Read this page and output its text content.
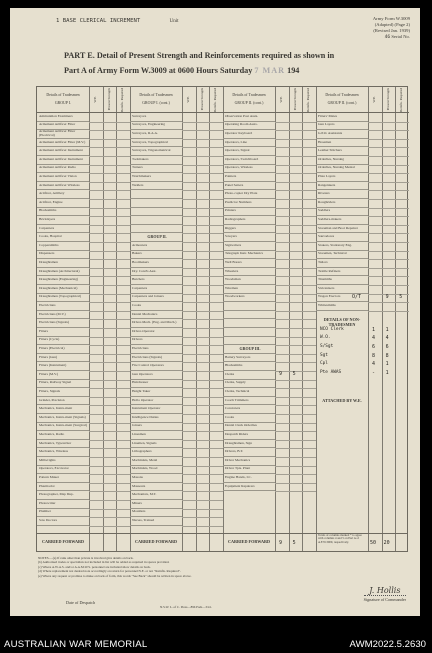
1 BASE CLERICAL INCREMENT	Unit
Army Form W.3009
(Adapted) (Page 2)
(Revised Jan. 1939)
46 Serial No.
PART E. Detail of Present Strength and Reinforcements required as shown in
Part A of Army Form W.3009 at 0600 Hours Saturday 7 MAR 194
Details of Tradesmen
GROUP I.
W.E.	Present Strength	Reinfts. Required
Ammunition Examiners
Armament Artificer Fitter
Armament Artificer Fitter (Electrical)
Armament Artificer Fitter (M.V.)
Armament Artificer Instrument
Armament Artificer Instrument
Armament Artificer Radio
Armament Artificer Vision
Armament Artificer Wireless
Artificer, Artillery
Artificer, Engine
Blacksmiths
Bricklayers
Carpenters
Cooks, Hospital
Coppersmiths
Dispensers
Draughtsmen
Draughtsmen (Architectural)
Draughtsmen (Engineering)
Draughtsmen (Mechanical)
Draughtsmen (Topographical)
Electricians
Electricians (M.V.)
Electricians (Signals)
Fitters
Fitters (Cycle)
Fitters (Electrical)
Fitters (Gun)
Fitters (Instrument)
Fitters (M.V.)
Fitters, Railway Signal
Fitters, Signals
Grinder, Precision
Mechanics, Instru-ment
Mechanics, Instru-ment (Signals)
Mechanics, Instru-ment (Surgical)
Mechanics, Radio
Mechanics, Typewriter
Mechanics, Wireless
Millwrights
Operators, Excavator
Pattern Maker
Pharmacist
Photographer, Map Dup.
Photowriter
Plumber
Saw Doctors
Details of Tradesmen
GROUP I. (cont.)
W.E.	Present Strength	Reinfts. Required
Surveyors
Surveyors, Engineering
Surveyors, R.A.A.
Surveyors, Topographical
Surveyors, Trigonometrical
Toolmakers
Turners
Watchmakers
Welders
GROUP II.
Armourers
Bakers
Bootmakers
Dry. Cond's Asst.
Butchers
Carpenters
Carpenters and Joiners
Cooks
Dental Mechanics
Driver-Mech. (Eng. and Mach.)
Driver-Operator
Drivers
Electricians
Electricians (Signals)
Fire Control Operators
Gun Operators
Hairdresser
Height Taker
Hollo Operator
Instrument Operator
Intelligence Duties
Joiners
Linesmen
Linemen, Signals
Lithographers
Machinists, Metal
Machinists, Wood
Masons
Masseurs
Mechanists, M.T.
Miners
Moulders
Nurses, Trained
Details of Tradesmen
GROUP II. (cont.)
W.E.	Present Strength	Reinfts. Required
Observation Post Assts.
Operating Room Assts.
Operator Keyboard
Operators, Line
Operators, Signal
Operators, Switchboard
Operators, Wireless
Painters
Panel Setters
Photo-copier Dry Plate
Predictor Numbers
Printers
Radiographers
Riggers
Sawyers
Signwriters
Telegraph Instr. Mechanics
Well Borers
Wheelers
Woodsman
Wiremen
Woodworkers
GROUP III.
Battery Surveyors
Blacksmiths
Clerks
Clerks, Supply
Clerks, Technical
Coach Trimmers
Concreters
Cooks
Dental Clerk Orderlies
Despatch Riders
Draughtsmen, Sign
Drivers, B.T.
Driver Mechanics
Driver Tpts. Plant
Engine Hands, I.C.
Equipment Repairers
Details of Tradesmen
GROUP II. (cont.)
W.E.	Present Strength	Reinfts. Required
Fitters' Mates
Gun Layers
G.P.O. Assistants
Hosemen
Leather Stitchers
Orderlies, Nursing
Orderlies, Nursing Mental
Plate Layers
Rangetakers
Riveters
Roughriders
Saddlers
Saddlers-makers
Storeman and Boot Repairer
Sauvadores
Stokers, Stationary Eng.
Storemen, Technical
Tailors
Textile Refiners
Tinsmiths
Vulcanisers
Wagon Erectors
Whitesmiths
DETAILS OF NON-TRADESMEN
NCO Clerk	1 1
W.O.	4 4
S/Sgt	6 6
Sgt	8 8
Cpl	4 1
Pte AWAS	- 1
ATTACHED BY W.E.
O/T	9 5
9 5
CARRIED FORWARD	CARRIED FORWARD	CARRIED FORWARD	9 5
Totals of columns marked * to agree with columns 4 and 5 on Part A of A.F.W.3009, respectively.	50 20
NOTES.—(a) If rank other than private is involved give details on back.
(b) Authorised trades or specialists not included in list will be added as required in spaces provided.
(c) Where A.W.A.S. and/or A.A.M.W.S. personnel are included show details on back.
(d) Where replacement not desired note accordingly on return for personnel N.E. or not "Reinfts. Required".
(e) Where any request or promise to make on back of form, this words "See Back" should be written in space above.
J. Hollis
Signature of Commander
Date of Despatch
N.S.W. L. of C. Press—896 Pads—3/41.
AUSTRALIAN WAR MEMORIAL	AWM2022.5.2630
